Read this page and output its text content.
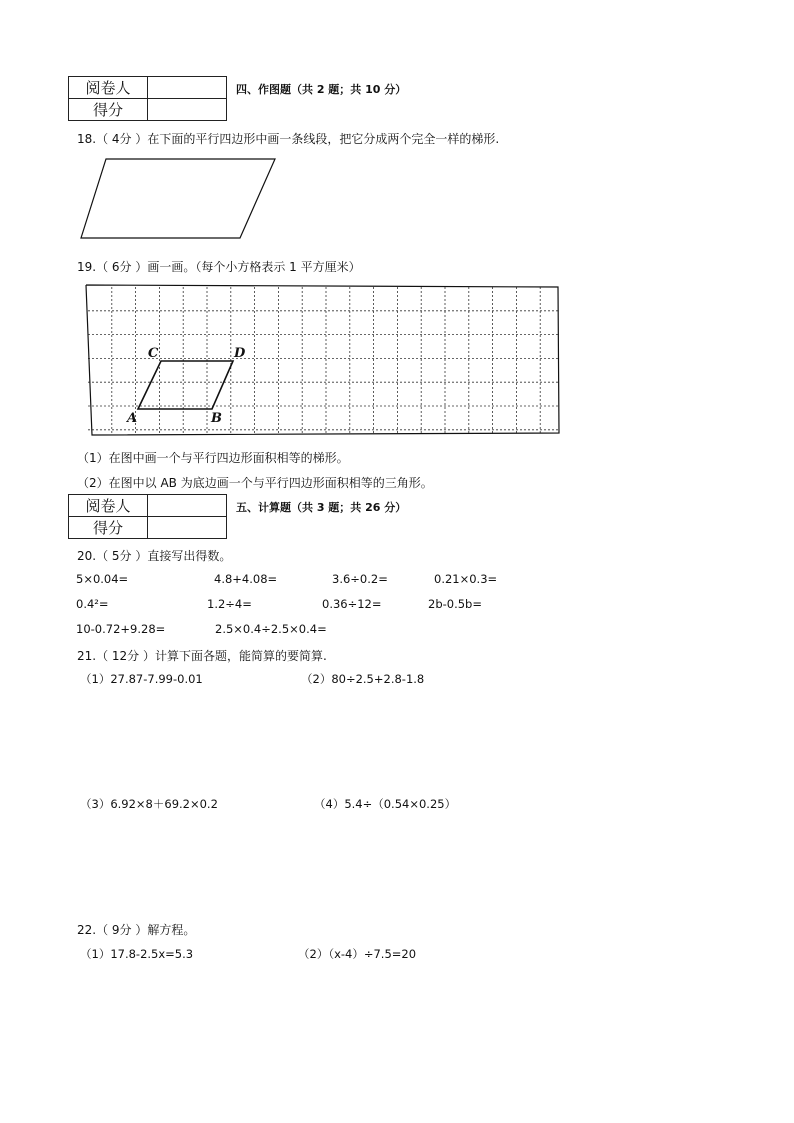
阅卷人	
得分	
四、作图题（共 2 题；共 10 分）
18.（ 4分 ）在下面的平行四边形中画一条线段，把它分成两个完全一样的梯形.
19.（ 6分 ）画一画。（每个小方格表示 1 平方厘米）
C	D
A	B
（1）在图中画一个与平行四边形面积相等的梯形。
（2）在图中以 AB 为底边画一个与平行四边形面积相等的三角形。
阅卷人	
得分	
五、计算题（共 3 题；共 26 分）
20.（ 5分 ）直接写出得数。
5×0.04=	4.8+4.08=	3.6÷0.2=	0.21×0.3=
0.4²=	1.2÷4=	0.36÷12=	2b-0.5b=
10-0.72+9.28=	2.5×0.4÷2.5×0.4=
21.（ 12分 ）计算下面各题，能简算的要简算.
（1）27.87-7.99-0.01	（2）80÷2.5+2.8-1.8
（3）6.92×8＋69.2×0.2	（4）5.4÷（0.54×0.25）
22.（ 9分 ）解方程。
（1）17.8-2.5x=5.3	（2）（x-4）÷7.5=20
